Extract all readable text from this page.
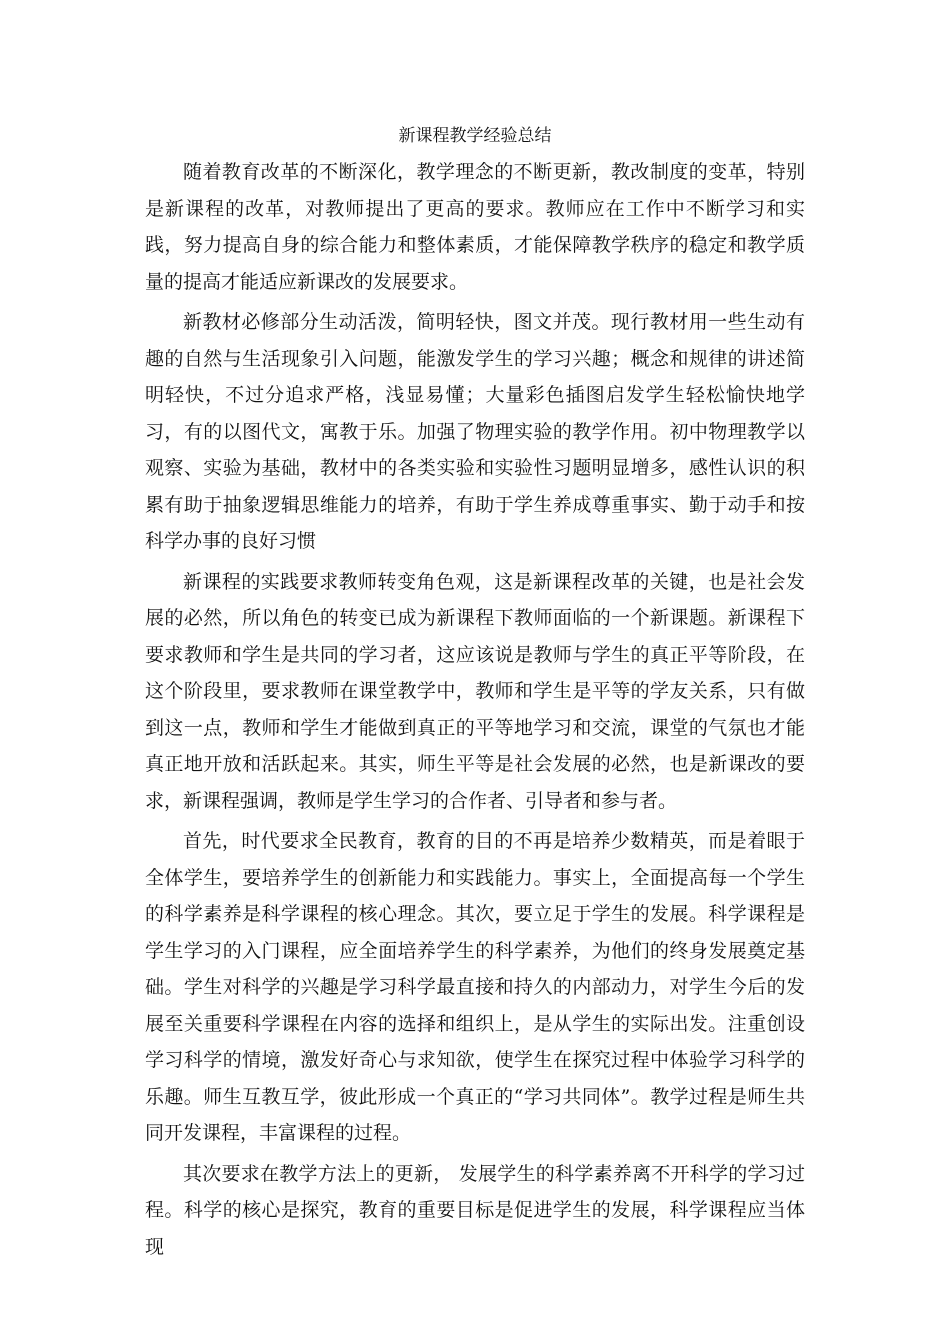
新课程教学经验总结

随着教育改革的不断深化，教学理念的不断更新，教改制度的变革，特别是新课程的改革，对教师提出了更高的要求。教师应在工作中不断学习和实践，努力提高自身的综合能力和整体素质，才能保障教学秩序的稳定和教学质量的提高才能适应新课改的发展要求。

新教材必修部分生动活泼，简明轻快，图文并茂。现行教材用一些生动有趣的自然与生活现象引入问题，能激发学生的学习兴趣；概念和规律的讲述简明轻快，不过分追求严格，浅显易懂；大量彩色插图启发学生轻松愉快地学习，有的以图代文，寓教于乐。加强了物理实验的教学作用。初中物理教学以观察、实验为基础，教材中的各类实验和实验性习题明显增多，感性认识的积累有助于抽象逻辑思维能力的培养，有助于学生养成尊重事实、勤于动手和按科学办事的良好习惯

新课程的实践要求教师转变角色观，这是新课程改革的关键，也是社会发展的必然，所以角色的转变已成为新课程下教师面临的一个新课题。新课程下要求教师和学生是共同的学习者，这应该说是教师与学生的真正平等阶段，在这个阶段里，要求教师在课堂教学中，教师和学生是平等的学友关系，只有做到这一点，教师和学生才能做到真正的平等地学习和交流，课堂的气氛也才能真正地开放和活跃起来。其实，师生平等是社会发展的必然，也是新课改的要求，新课程强调，教师是学生学习的合作者、引导者和参与者。

首先，时代要求全民教育，教育的目的不再是培养少数精英，而是着眼于全体学生，要培养学生的创新能力和实践能力。事实上，全面提高每一个学生的科学素养是科学课程的核心理念。其次，要立足于学生的发展。科学课程是学生学习的入门课程，应全面培养学生的科学素养，为他们的终身发展奠定基础。学生对科学的兴趣是学习科学最直接和持久的内部动力，对学生今后的发展至关重要科学课程在内容的选择和组织上，是从学生的实际出发。注重创设学习科学的情境，激发好奇心与求知欲，使学生在探究过程中体验学习科学的乐趣。师生互教互学，彼此形成一个真正的“学习共同体”。教学过程是师生共同开发课程，丰富课程的过程。

其次要求在教学方法上的更新， 发展学生的科学素养离不开科学的学习过程。科学的核心是探究，教育的重要目标是促进学生的发展，科学课程应当体现
